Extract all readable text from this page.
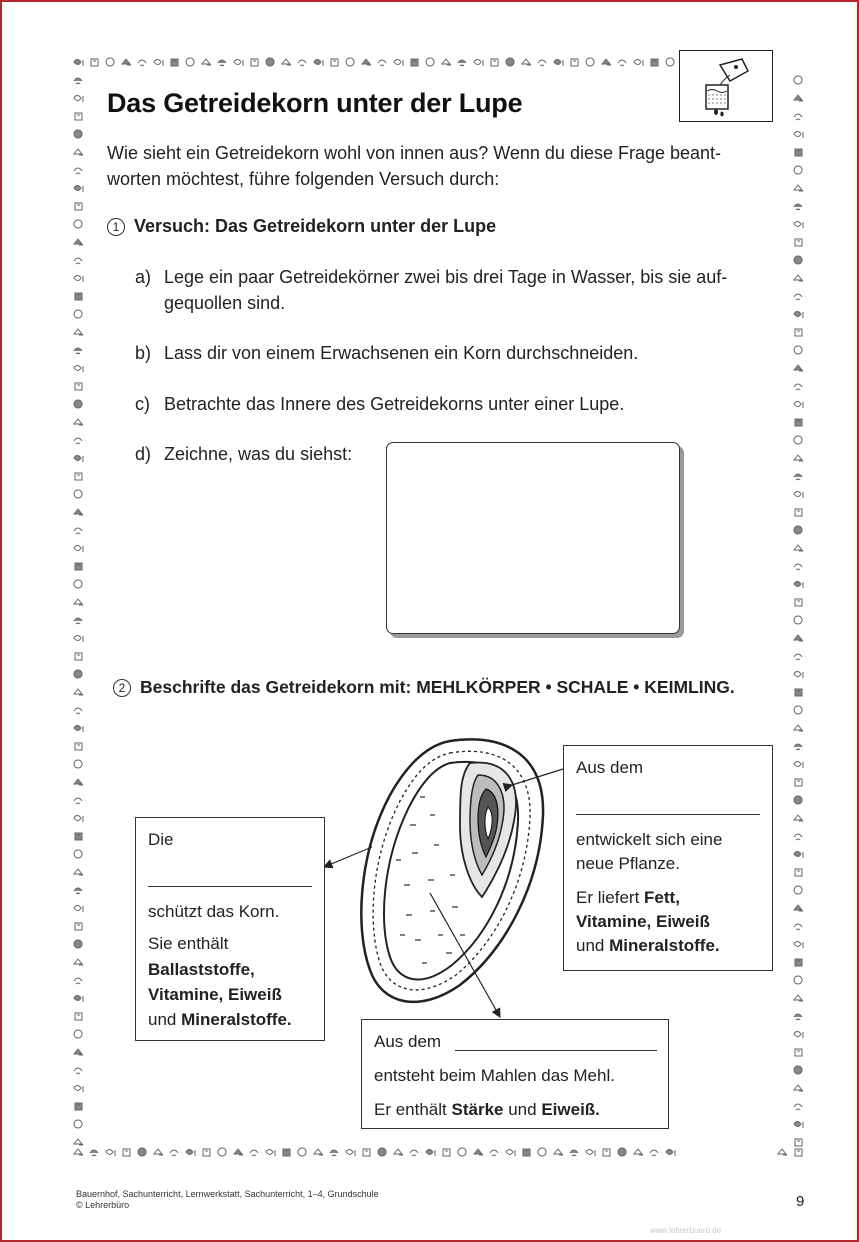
Das Getreidekorn unter der Lupe

Wie sieht ein Getreidekorn wohl von innen aus? Wenn du diese Frage beant- worten möchtest, führe folgenden Versuch durch:

1 Versuch: Das Getreidekorn unter der Lupe
a) Lege ein paar Getreidekörner zwei bis drei Tage in Wasser, bis sie auf-
gequollen sind.
b) Lass dir von einem Erwachsenen ein Korn durchschneiden.
c) Betrachte das Innere des Getreidekorns unter einer Lupe.
d) Zeichne, was du siehst:
2 Beschrifte das Getreidekorn mit: MEHLKÖRPER • SCHALE • KEIMLING.
Die
schützt das Korn.
Sie enthält
Ballaststoffe,
Vitamine, Eiweiß
und Mineralstoffe.
Aus dem
entwickelt sich eine
neue Pflanze.
Er liefert Fett,
Vitamine, Eiweiß
und Mineralstoffe.
Aus dem
entsteht beim Mahlen das Mehl.
Er enthält Stärke und Eiweiß.
Bauernhof, Sachunterricht, Lernwerkstatt, Sachunterricht, 1–4, Grundschule
© Lehrerbüro	9
www.lehrerbuero.de
